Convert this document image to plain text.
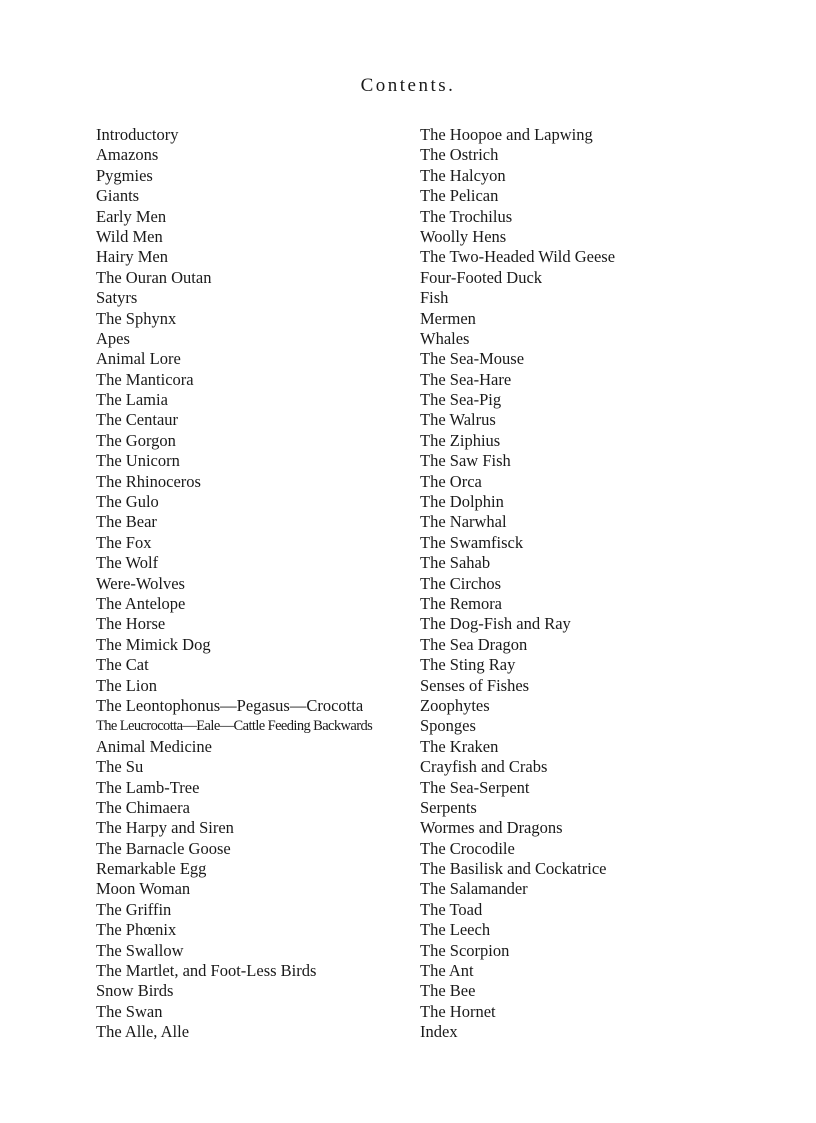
Contents.
Introductory
Amazons
Pygmies
Giants
Early Men
Wild Men
Hairy Men
The Ouran Outan
Satyrs
The Sphynx
Apes
Animal Lore
The Manticora
The Lamia
The Centaur
The Gorgon
The Unicorn
The Rhinoceros
The Gulo
The Bear
The Fox
The Wolf
Were-Wolves
The Antelope
The Horse
The Mimick Dog
The Cat
The Lion
The Leontophonus—Pegasus—Crocotta
The Leucrocotta—Eale—Cattle Feeding Backwards
Animal Medicine
The Su
The Lamb-Tree
The Chimaera
The Harpy and Siren
The Barnacle Goose
Remarkable Egg
Moon Woman
The Griffin
The Phœnix
The Swallow
The Martlet, and Foot-Less Birds
Snow Birds
The Swan
The Alle, Alle
The Hoopoe and Lapwing
The Ostrich
The Halcyon
The Pelican
The Trochilus
Woolly Hens
The Two-Headed Wild Geese
Four-Footed Duck
Fish
Mermen
Whales
The Sea-Mouse
The Sea-Hare
The Sea-Pig
The Walrus
The Ziphius
The Saw Fish
The Orca
The Dolphin
The Narwhal
The Swamfisck
The Sahab
The Circhos
The Remora
The Dog-Fish and Ray
The Sea Dragon
The Sting Ray
Senses of Fishes
Zoophytes
Sponges
The Kraken
Crayfish and Crabs
The Sea-Serpent
Serpents
Wormes and Dragons
The Crocodile
The Basilisk and Cockatrice
The Salamander
The Toad
The Leech
The Scorpion
The Ant
The Bee
The Hornet
Index
